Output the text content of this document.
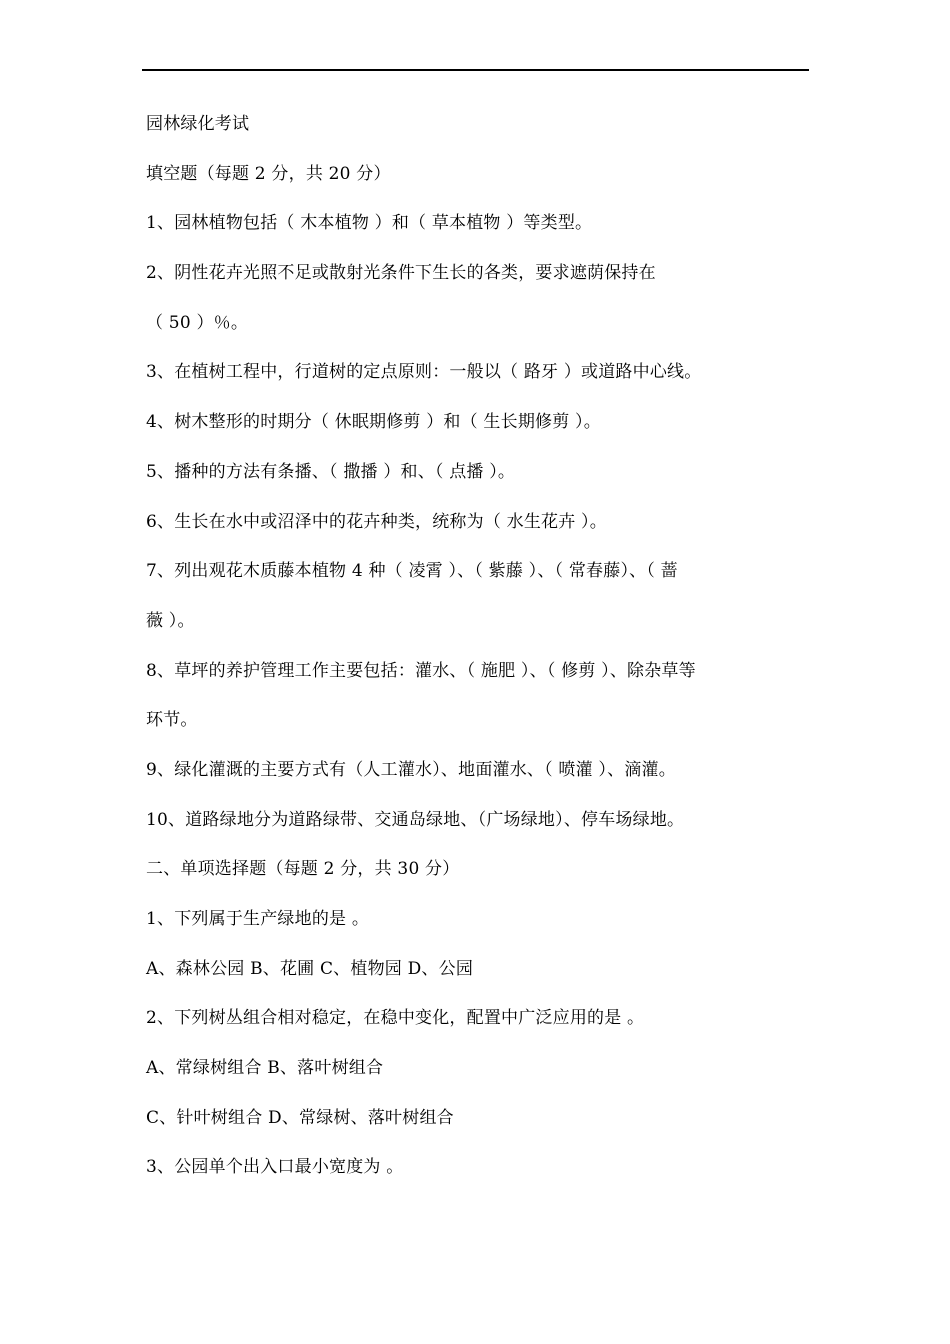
园林绿化考试
填空题（每题 2 分，共 20 分）
1、园林植物包括（ 木本植物 ）和（ 草本植物 ）等类型。
2、阴性花卉光照不足或散射光条件下生长的各类，要求遮荫保持在
（ 50 ）％。
3、在植树工程中，行道树的定点原则：一般以（ 路牙 ）或道路中心线。
4、树木整形的时期分（ 休眠期修剪 ）和（ 生长期修剪 ）。
5、播种的方法有条播、（ 撒播 ）和、（ 点播 ）。
6、生长在水中或沼泽中的花卉种类，统称为（ 水生花卉 ）。
7、列出观花木质藤本植物 4 种（ 凌霄 ）、（ 紫藤 ）、（ 常春藤）、（ 蔷
薇 ）。
8、草坪的养护管理工作主要包括：灌水、（ 施肥 ）、（ 修剪 ）、除杂草等
环节。
9、绿化灌溉的主要方式有（人工灌水）、地面灌水、（ 喷灌 ）、滴灌。
10、道路绿地分为道路绿带、交通岛绿地、（广场绿地）、停车场绿地。
二、单项选择题（每题 2 分，共 30 分）
1、下列属于生产绿地的是 。
A、森林公园 B、花圃 C、植物园 D、公园
2、下列树丛组合相对稳定，在稳中变化，配置中广泛应用的是 。
A、常绿树组合 B、落叶树组合
C、针叶树组合 D、常绿树、落叶树组合
3、公园单个出入口最小宽度为 。
